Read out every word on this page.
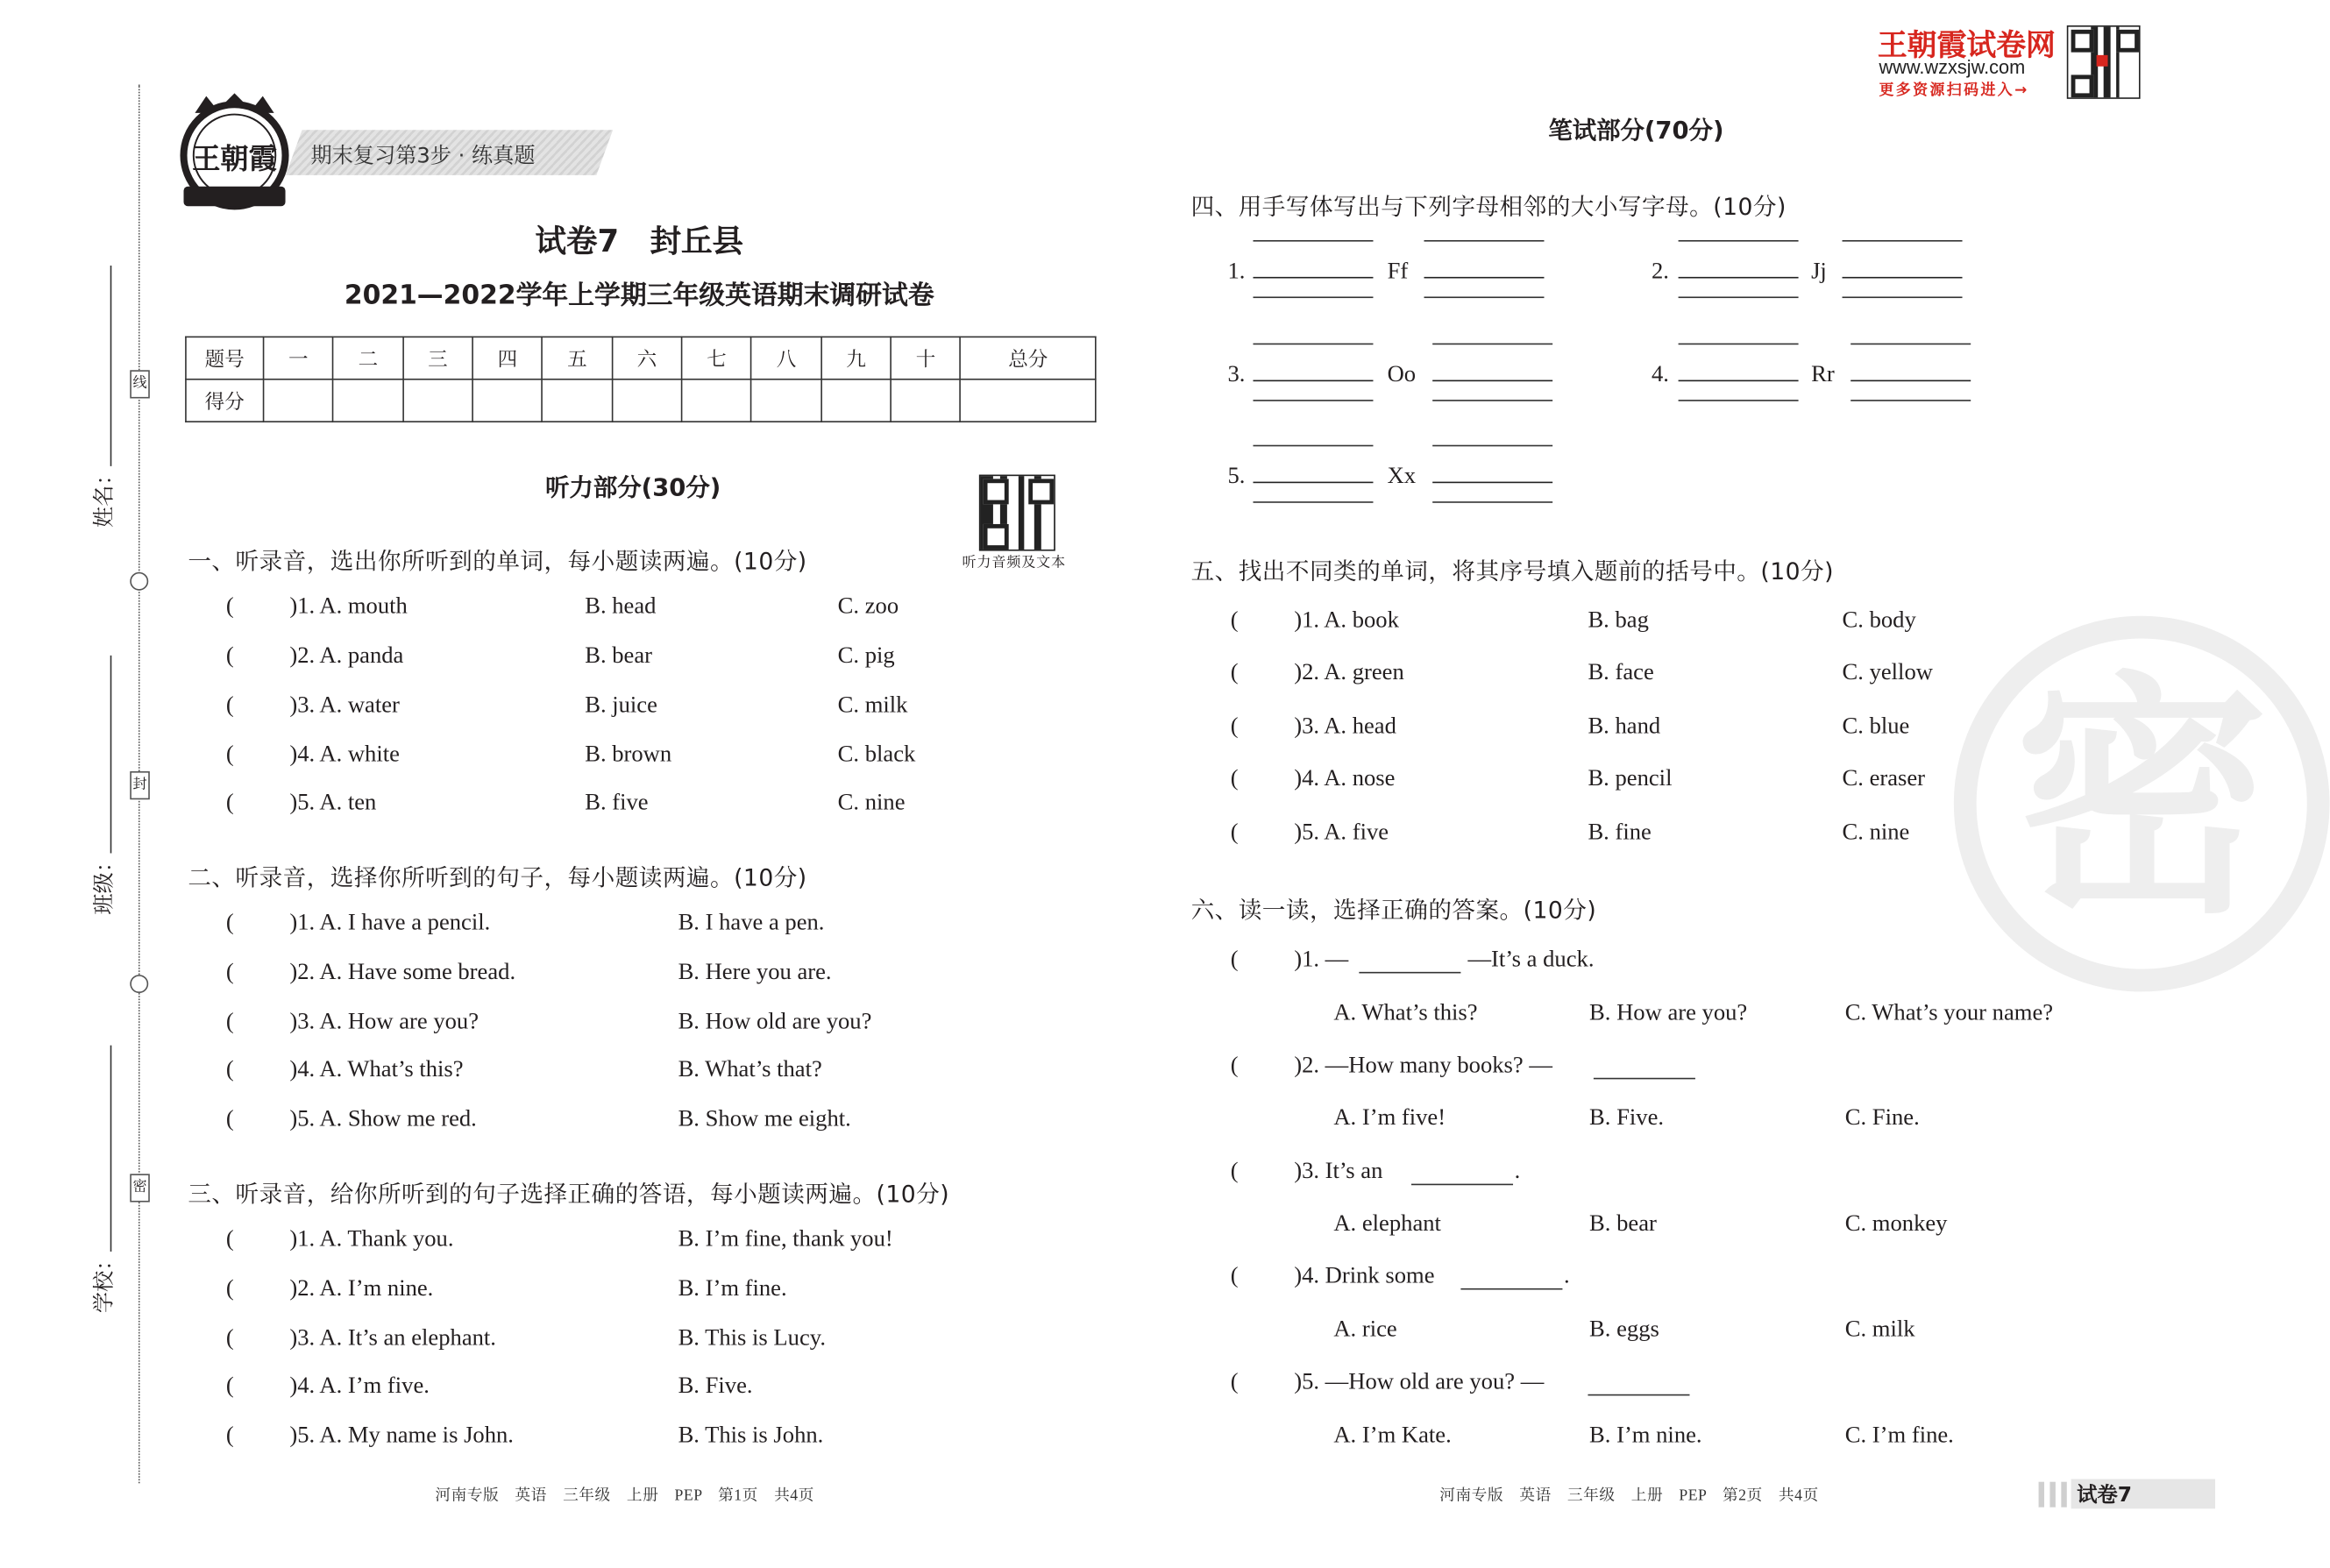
线
封
密
姓名：
班级：
学校：
王朝霞	期末复习第3步 · 练真题
试卷7　封丘县
2021—2022学年上学期三年级英语期末调研试卷
题号	一	二	三	四	五	六	七	八	九	十	总分
得分											
听力部分(30分)
听力音频及文本
一、听录音，选出你所听到的单词，每小题读两遍。(10分)
(	)1. A. mouth	B. head	C. zoo
(	)2. A. panda	B. bear	C. pig
(	)3. A. water	B. juice	C. milk
(	)4. A. white	B. brown	C. black
(	)5. A. ten	B. five	C. nine
二、听录音，选择你所听到的句子，每小题读两遍。(10分)
(	)1. A. I have a pencil.	B. I have a pen.
(	)2. A. Have some bread.	B. Here you are.
(	)3. A. How are you?	B. How old are you?
(	)4. A. What’s this?	B. What’s that?
(	)5. A. Show me red.	B. Show me eight.
三、听录音，给你所听到的句子选择正确的答语，每小题读两遍。(10分)
(	)1. A. Thank you.	B. I’m fine, thank you!
(	)2. A. I’m nine.	B. I’m fine.
(	)3. A. It’s an elephant.	B. This is Lucy.
(	)4. A. I’m five.	B. Five.
(	)5. A. My name is John.	B. This is John.
河南专版　英语　三年级　上册　PEP　第1页　共4页
密
王朝霞试卷网
www.wzxsjw.com
更多资源扫码进入→
笔试部分(70分)
四、用手写体写出与下列字母相邻的大小写字母。(10分)
1.	Ff	2.	Jj
3.	Oo	4.	Rr
5.	Xx
五、找出不同类的单词，将其序号填入题前的括号中。(10分)
(	)1. A. book	B. bag	C. body
(	)2. A. green	B. face	C. yellow
(	)3. A. head	B. hand	C. blue
(	)4. A. nose	B. pencil	C. eraser
(	)5. A. five	B. fine	C. nine
六、读一读，选择正确的答案。(10分)
(	)1. —	—It’s a duck.
A. What’s this?	B. How are you?	C. What’s your name?
(	)2. —How many books? —
A. I’m five!	B. Five.	C. Fine.
(	)3. It’s an	.
A. elephant	B. bear	C. monkey
(	)4. Drink some	.
A. rice	B. eggs	C. milk
(	)5. —How old are you? —
A. I’m Kate.	B. I’m nine.	C. I’m fine.
河南专版　英语　三年级　上册　PEP　第2页　共4页	试卷7
